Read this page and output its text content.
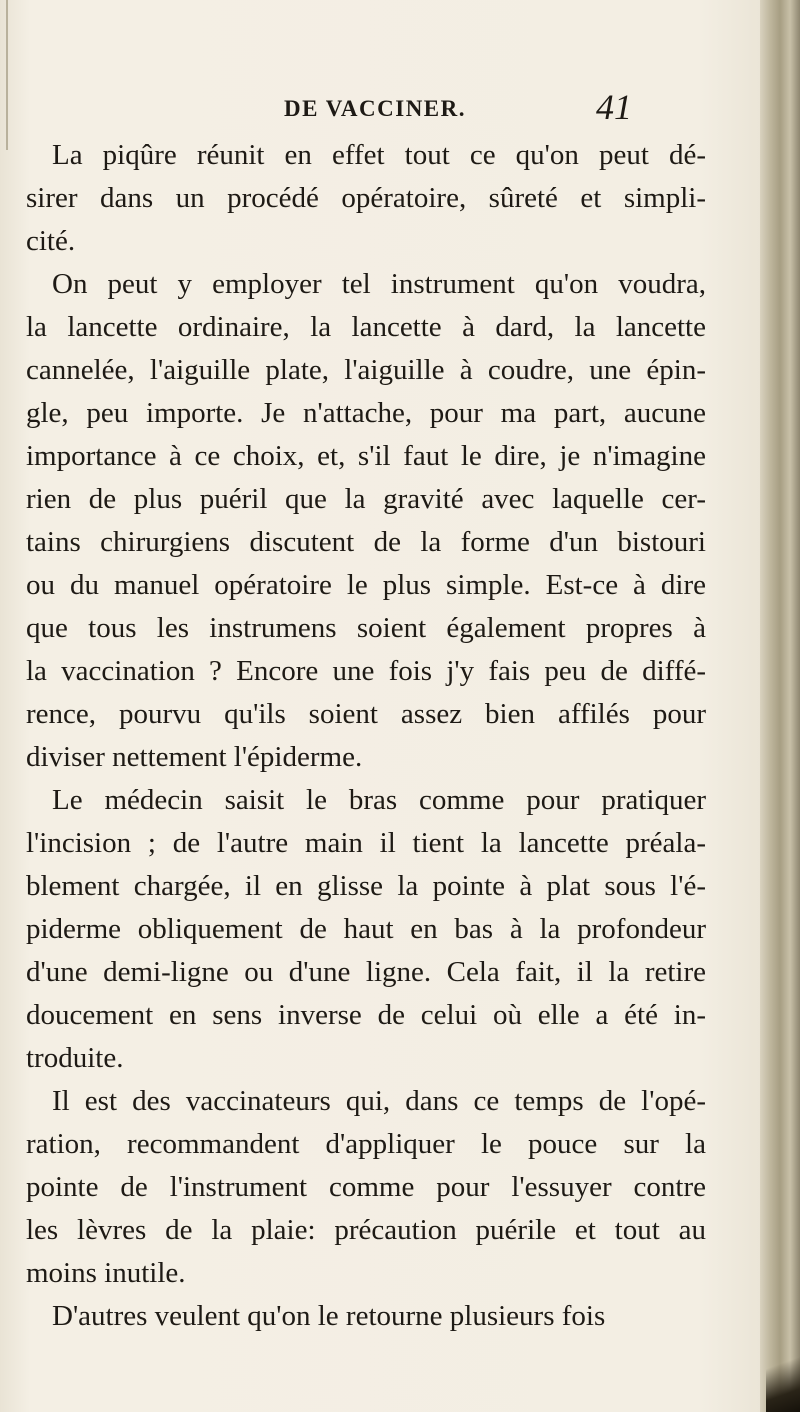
DE VACCINER.	41
La piqûre réunit en effet tout ce qu'on peut dé-
sirer dans un procédé opératoire, sûreté et simpli-
cité.
On peut y employer tel instrument qu'on voudra,
la lancette ordinaire, la lancette à dard, la lancette
cannelée, l'aiguille plate, l'aiguille à coudre, une épin-
gle, peu importe. Je n'attache, pour ma part, aucune
importance à ce choix, et, s'il faut le dire, je n'imagine
rien de plus puéril que la gravité avec laquelle cer-
tains chirurgiens discutent de la forme d'un bistouri
ou du manuel opératoire le plus simple. Est-ce à dire
que tous les instrumens soient également propres à
la vaccination ? Encore une fois j'y fais peu de diffé-
rence, pourvu qu'ils soient assez bien affilés pour
diviser nettement l'épiderme.
Le médecin saisit le bras comme pour pratiquer
l'incision ; de l'autre main il tient la lancette préala-
blement chargée, il en glisse la pointe à plat sous l'é-
piderme obliquement de haut en bas à la profondeur
d'une demi-ligne ou d'une ligne. Cela fait, il la retire
doucement en sens inverse de celui où elle a été in-
troduite.
Il est des vaccinateurs qui, dans ce temps de l'opé-
ration, recommandent d'appliquer le pouce sur la
pointe de l'instrument comme pour l'essuyer contre
les lèvres de la plaie: précaution puérile et tout au
moins inutile.
D'autres veulent qu'on le retourne plusieurs fois
